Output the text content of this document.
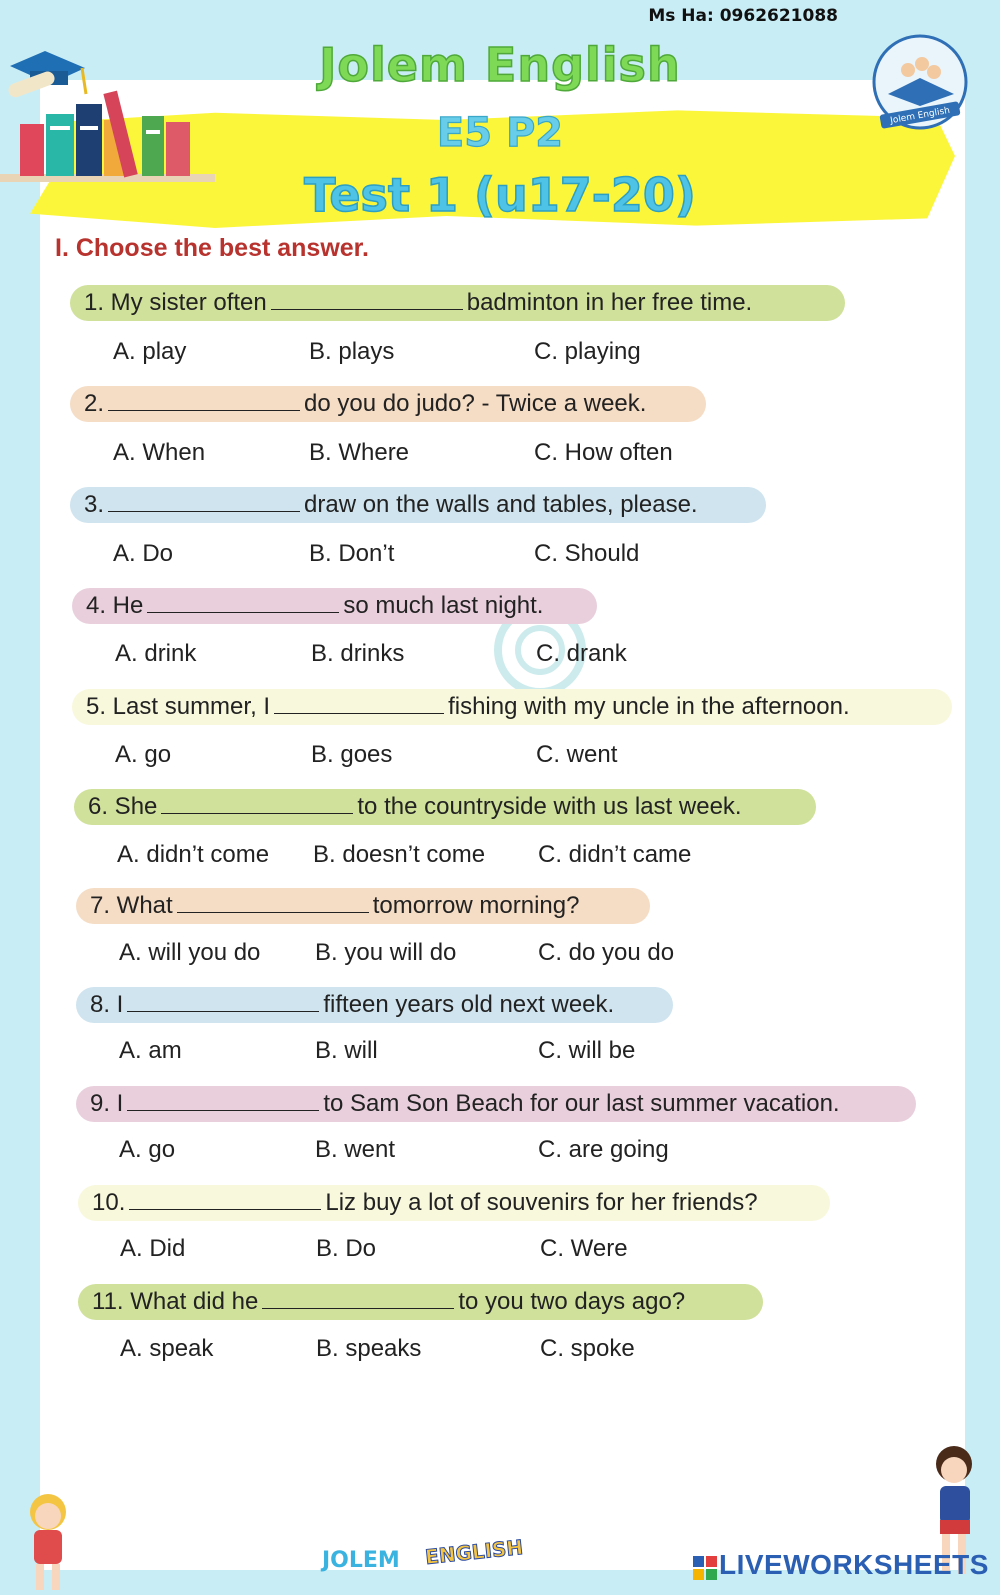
Ms Ha: 0962621088
Jolem English
Jolem English
E5 P2
Test 1 (u17-20)
I. Choose the best answer.
1. My sister often	badminton in her free time.
A. play	B. plays	C. playing
2.	do you do judo? - Twice a week.
A. When	B. Where	C. How often
3.	draw on the walls and tables, please.
A. Do	B. Don’t	C. Should
4. He	so much last night.
A. drink	B. drinks	C. drank
5. Last summer, I	fishing with my uncle in the afternoon.
A. go	B. goes	C. went
6. She	to the countryside with us last week.
A. didn’t come B. doesn’t come C. didn’t came
7. What	tomorrow morning?
A. will you do B. you will do	C. do you do
8. I	fifteen years old next week.
A. am	B. will	C. will be
9. I	to Sam Son Beach for our last summer vacation.
A. go	B. went	C. are going
10.	Liz buy a lot of souvenirs for her friends?
A. Did	B. Do	C. Were
11. What did he	to you two days ago?
A. speak	B. speaks	C. spoke
JOLEM ENGLISH	LIVEWORKSHEETS
